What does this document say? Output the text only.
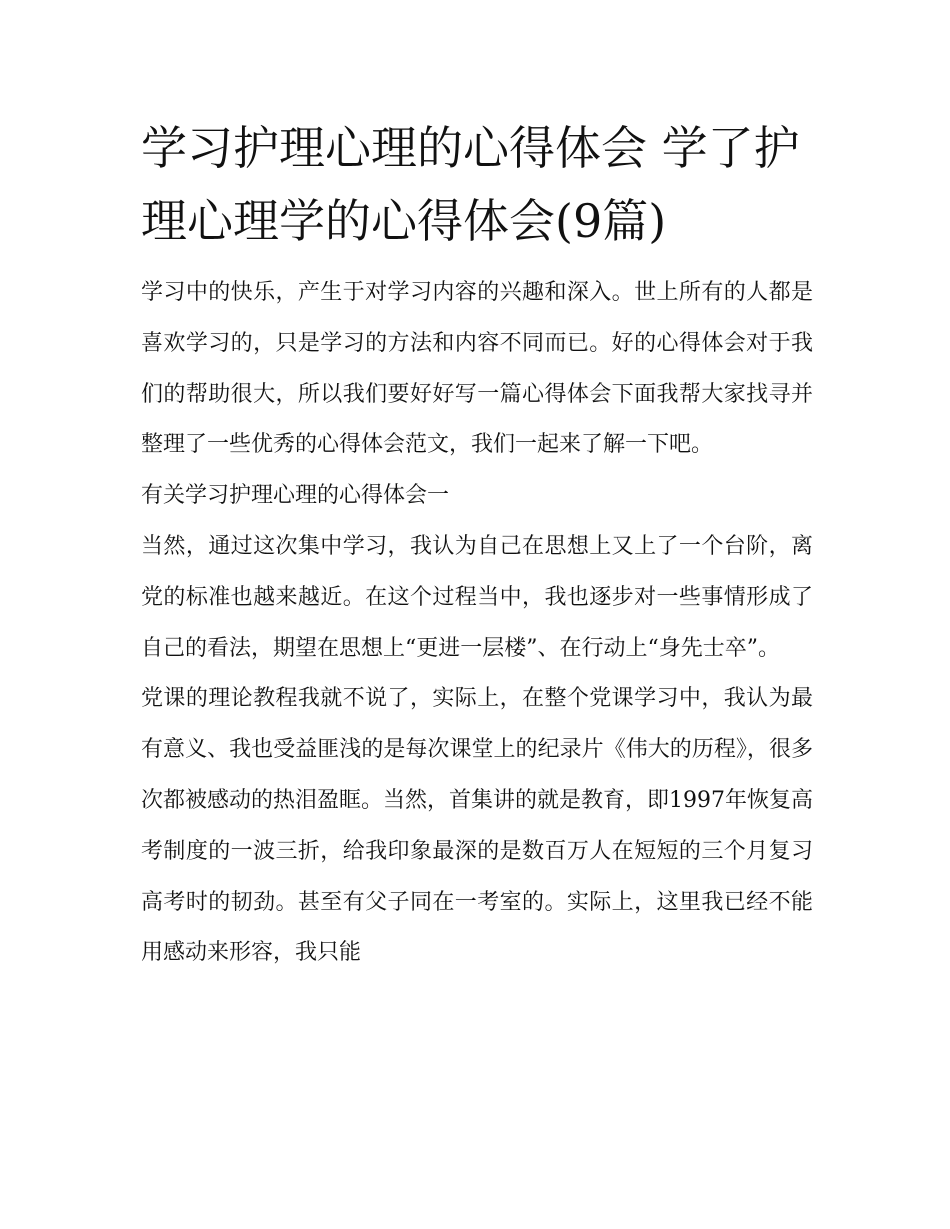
学习护理心理的心得体会 学了护理心理学的心得体会(9篇)

学习中的快乐，产生于对学习内容的兴趣和深入。世上所有的人都是喜欢学习的，只是学习的方法和内容不同而已。好的心得体会对于我们的帮助很大，所以我们要好好写一篇心得体会下面我帮大家找寻并整理了一些优秀的心得体会范文，我们一起来了解一下吧。

有关学习护理心理的心得体会一

当然，通过这次集中学习，我认为自己在思想上又上了一个台阶，离党的标准也越来越近。在这个过程当中，我也逐步对一些事情形成了自己的看法，期望在思想上“更进一层楼”、在行动上“身先士卒”。

党课的理论教程我就不说了，实际上，在整个党课学习中，我认为最有意义、我也受益匪浅的是每次课堂上的纪录片《伟大的历程》，很多次都被感动的热泪盈眶。当然，首集讲的就是教育，即1997年恢复高考制度的一波三折，给我印象最深的是数百万人在短短的三个月复习高考时的韧劲。甚至有父子同在一考室的。实际上，这里我已经不能用感动来形容，我只能
